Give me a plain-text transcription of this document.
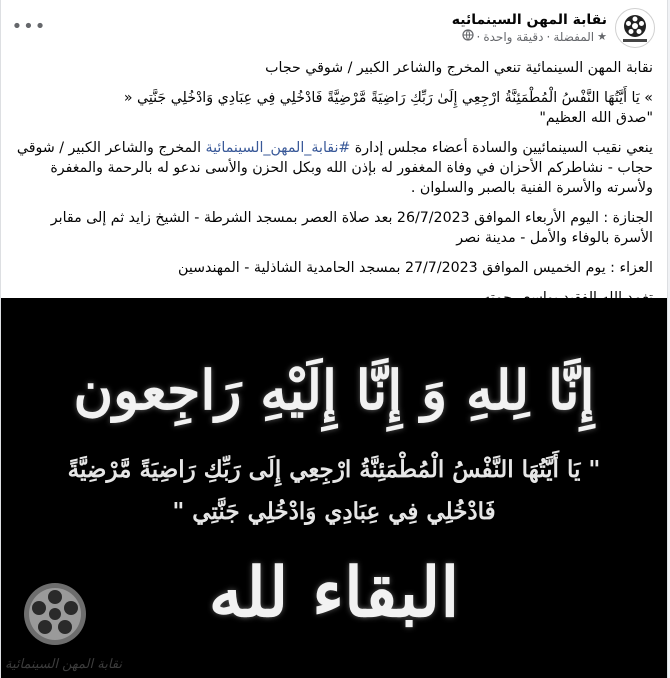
نقابة المهن السينمائيه
★
المفضلة
·
دقيقة واحدة
·
•••

نقابة المهن السينمائية تنعي المخرج والشاعر الكبير / شوقي حجاب

» يَا أَيَّتُهَا النَّفْسُ الْمُطْمَئِنَّةُ ارْجِعِي إِلَىٰ رَبِّكِ رَاضِيَةً مَّرْضِيَّةً فَادْخُلِي فِي عِبَادِي وَادْخُلِي جَنَّتِي «

"صدق الله العظيم"

ينعي نقيب السينمائيين والسادة أعضاء مجلس إدارة #نقابة_المهن_السينمائية المخرج والشاعر الكبير / شوقي حجاب - نشاطركم الأحزان في وفاة المغفور له بإذن الله وبكل الحزن والأسى ندعو له بالرحمة والمغفرة ولأسرته والأسرة الفنية بالصبر والسلوان .

الجنازة : اليوم الأربعاء الموافق 26/7/2023 بعد صلاة العصر بمسجد الشرطة - الشيخ زايد ثم إلى مقابر الأسرة بالوفاء والأمل - مدينة نصر

العزاء : يوم الخميس الموافق 27/7/2023 بمسجد الحامدية الشاذلية - المهندسين

إِنَّا لِلهِ وَ إِنَّا إِلَيْهِ رَاجِعون
" يَا أَيَّتُهَا النَّفْسُ الْمُطْمَئِنَّةُ ارْجِعِي إِلَى رَبِّكِ رَاضِيَةً مَّرْضِيَّةً
فَادْخُلِي فِي عِبَادِي وَادْخُلِي جَنَّتِي "
البقاء لله
نقابة المهن السينمائية
